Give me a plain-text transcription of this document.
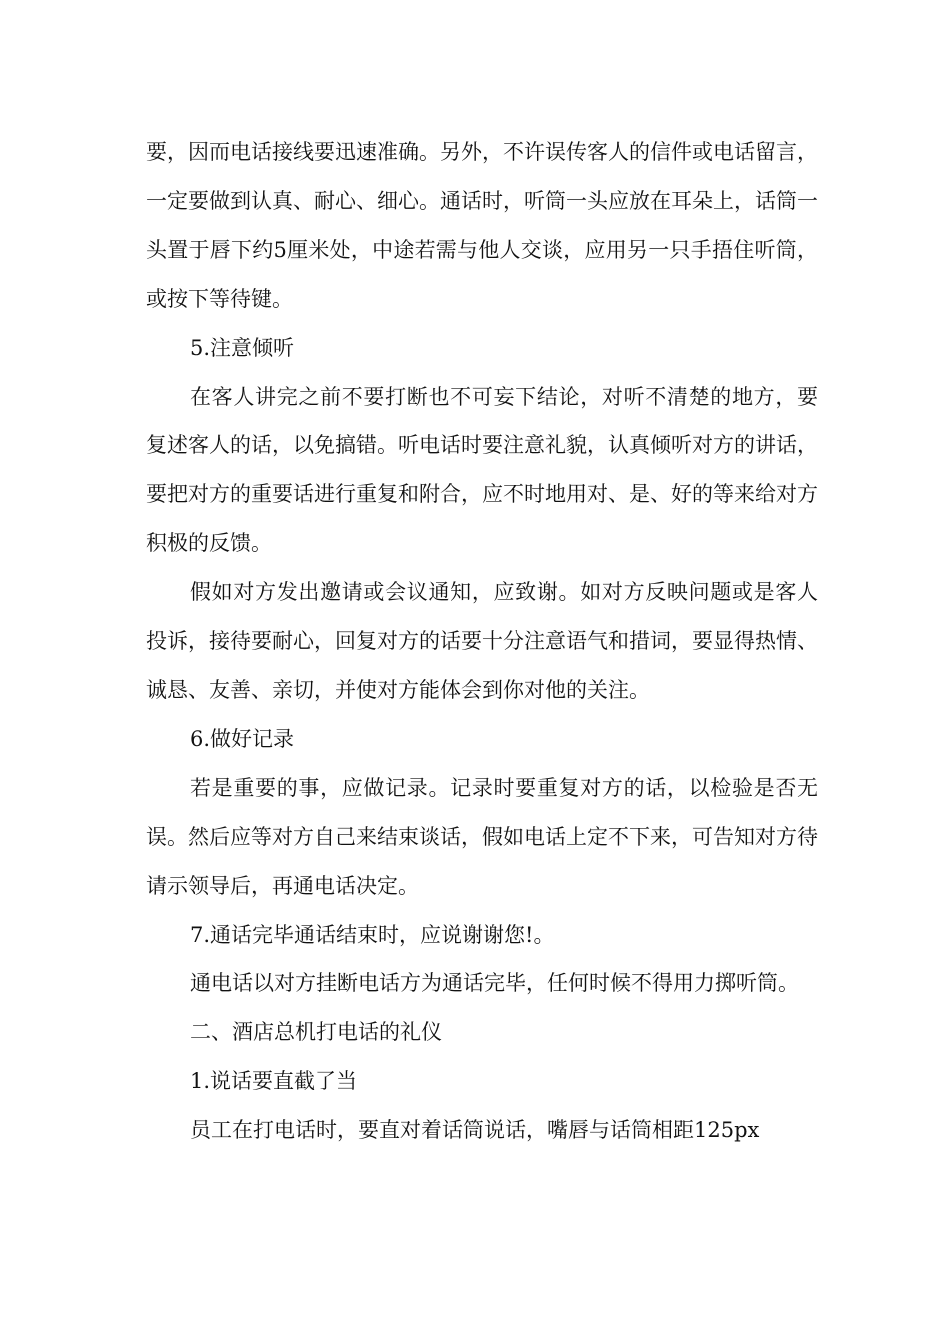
要，因而电话接线要迅速准确。另外，不许误传客人的信件或电话留言，一定要做到认真、耐心、细心。通话时，听筒一头应放在耳朵上，话筒一头置于唇下约5厘米处，中途若需与他人交谈，应用另一只手捂住听筒，或按下等待键。

5.注意倾听

在客人讲完之前不要打断也不可妄下结论，对听不清楚的地方，要复述客人的话，以免搞错。听电话时要注意礼貌，认真倾听对方的讲话，要把对方的重要话进行重复和附合，应不时地用对、是、好的等来给对方积极的反馈。

假如对方发出邀请或会议通知，应致谢。如对方反映问题或是客人投诉，接待要耐心，回复对方的话要十分注意语气和措词，要显得热情、诚恳、友善、亲切，并使对方能体会到你对他的关注。

6.做好记录

若是重要的事，应做记录。记录时要重复对方的话，以检验是否无误。然后应等对方自己来结束谈话，假如电话上定不下来，可告知对方待请示领导后，再通电话决定。

7.通话完毕通话结束时，应说谢谢您!。

通电话以对方挂断电话方为通话完毕，任何时候不得用力掷听筒。

二、酒店总机打电话的礼仪

1.说话要直截了当

员工在打电话时，要直对着话筒说话，嘴唇与话筒相距125px
